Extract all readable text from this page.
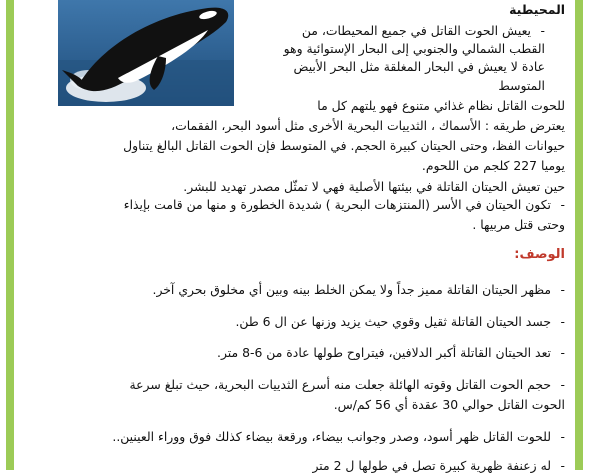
المحيطية
-يعيش الحوت القاتل في جميع المحيطات، من
القطب الشمالي والجنوبي إلى البحار الإستوائية وهو
عادة لا يعيش في البحار المغلقة مثل البحر الأبيض
المتوسط
للحوت القاتل نظام غذائي متنوع فهو يلتهم كل ما
يعترض طريقه : الأسماك ، الثدييات البحرية الأخرى مثل أسود البحر، الفقمات،
حيوانات الفظ، وحتى الحيتان كبيرة الحجم. في المتوسط فإن الحوت القاتل البالغ يتناول
يوميا 227 كلجم من اللحوم.
حين تعيش الحيتان القاتلة في بيئتها الأصلية فهي لا تمثّل مصدر تهديد للبشر.
-تكون الحيتان في الأسر (المنتزهات البحرية ) شديدة الخطورة و منها من قامت بإيذاء
وحتى قتل مربيها .
الوصف:
-مظهر الحيتان القاتلة مميز جداً ولا يمكن الخلط بينه وبين أي مخلوق بحري آخر.
-جسد الحيتان القاتلة ثقيل وقوي حيث يزيد وزنها عن ال 6 طن.
-تعد الحيتان القاتلة أكبر الدلافين، فيتراوح طولها عادة من 6-8 متر.
-حجم الحوت القاتل وقوته الهائلة جعلت منه أسرع الثدييات البحرية، حيث تبلغ سرعة
الحوت القاتل حوالي 30 عقدة أي 56 كم/س.
-للحوت القاتل ظهر أسود، وصدر وجوانب بيضاء، ورقعة بيضاء كذلك فوق ووراء العينين..
-له زعنفة ظهرية كبيرة تصل في طولها ل 2 متر
